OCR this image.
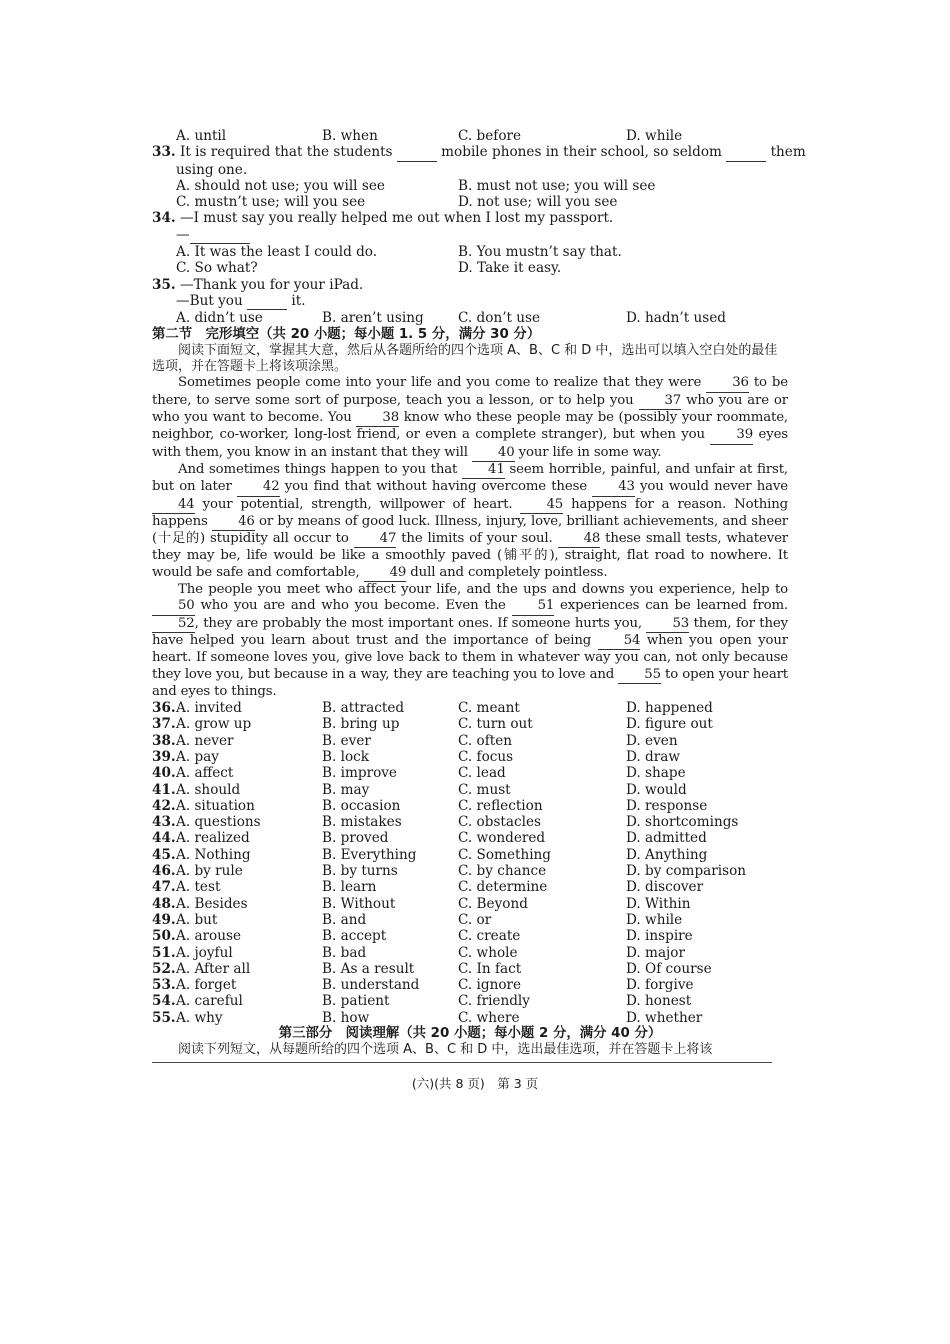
A. until	B. when	C. before	D. while
33. It is required that the students	mobile phones in their school, so seldom	them
using one.
A. should not use; you will see	B. must not use; you will see
C. mustn’t use; will you see	D. not use; will you see
34. —I must say you really helped me out when I lost my passport.
—
A. It was the least I could do.	B. You mustn’t say that.
C. So what?	D. Take it easy.
35. —Thank you for your iPad.
—But you	it.
A. didn’t use	B. aren’t using	C. don’t use	D. hadn’t used
第二节　完形填空（共 20 小题；每小题 1. 5 分，满分 30 分）
阅读下面短文，掌握其大意，然后从各题所给的四个选项 A、B、C 和 D 中，选出可以填入空白处的最佳选项，并在答题卡上将该项涂黑。
Sometimes people come into your life and you come to realize that they were 36 to be there, to serve some sort of purpose, teach you a lesson, or to help you 37 who you are or who you want to become. You 38 know who these people may be (possibly your roommate, neighbor, co-worker, long-lost friend, or even a complete stranger), but when you 39 eyes with them, you know in an instant that they will 40 your life in some way.
And sometimes things happen to you that 41 seem horrible, painful, and unfair at first, but on later 42 you find that without having overcome these 43 you would never have 44 your potential, strength, willpower of heart. 45 happens for a reason. Nothing happens 46 or by means of good luck. Illness, injury, love, brilliant achievements, and sheer (十足的) stupidity all occur to 47 the limits of your soul. 48 these small tests, whatever they may be, life would be like a smoothly paved (铺平的), straight, flat road to nowhere. It would be safe and comfortable, 49 dull and completely pointless.
The people you meet who affect your life, and the ups and downs you experience, help to 50 who you are and who you become. Even the 51 experiences can be learned from. 52, they are probably the most important ones. If someone hurts you, 53 them, for they have helped you learn about trust and the importance of being 54 when you open your heart. If someone loves you, give love back to them in whatever way you can, not only because they love you, but because in a way, they are teaching you to love and 55 to open your heart and eyes to things.
36. A. invited	B. attracted	C. meant	D. happened
37. A. grow up	B. bring up	C. turn out	D. figure out
38. A. never	B. ever	C. often	D. even
39. A. pay	B. lock	C. focus	D. draw
40. A. affect	B. improve	C. lead	D. shape
41. A. should	B. may	C. must	D. would
42. A. situation	B. occasion	C. reflection	D. response
43. A. questions	B. mistakes	C. obstacles	D. shortcomings
44. A. realized	B. proved	C. wondered	D. admitted
45. A. Nothing	B. Everything	C. Something	D. Anything
46. A. by rule	B. by turns	C. by chance	D. by comparison
47. A. test	B. learn	C. determine	D. discover
48. A. Besides	B. Without	C. Beyond	D. Within
49. A. but	B. and	C. or	D. while
50. A. arouse	B. accept	C. create	D. inspire
51. A. joyful	B. bad	C. whole	D. major
52. A. After all	B. As a result	C. In fact	D. Of course
53. A. forget	B. understand	C. ignore	D. forgive
54. A. careful	B. patient	C. friendly	D. honest
55. A. why	B. how	C. where	D. whether
第三部分　阅读理解（共 20 小题；每小题 2 分，满分 40 分）
阅读下列短文，从每题所给的四个选项 A、B、C 和 D 中，选出最佳选项，并在答题卡上将该
(六)(共 8 页)　第 3 页
